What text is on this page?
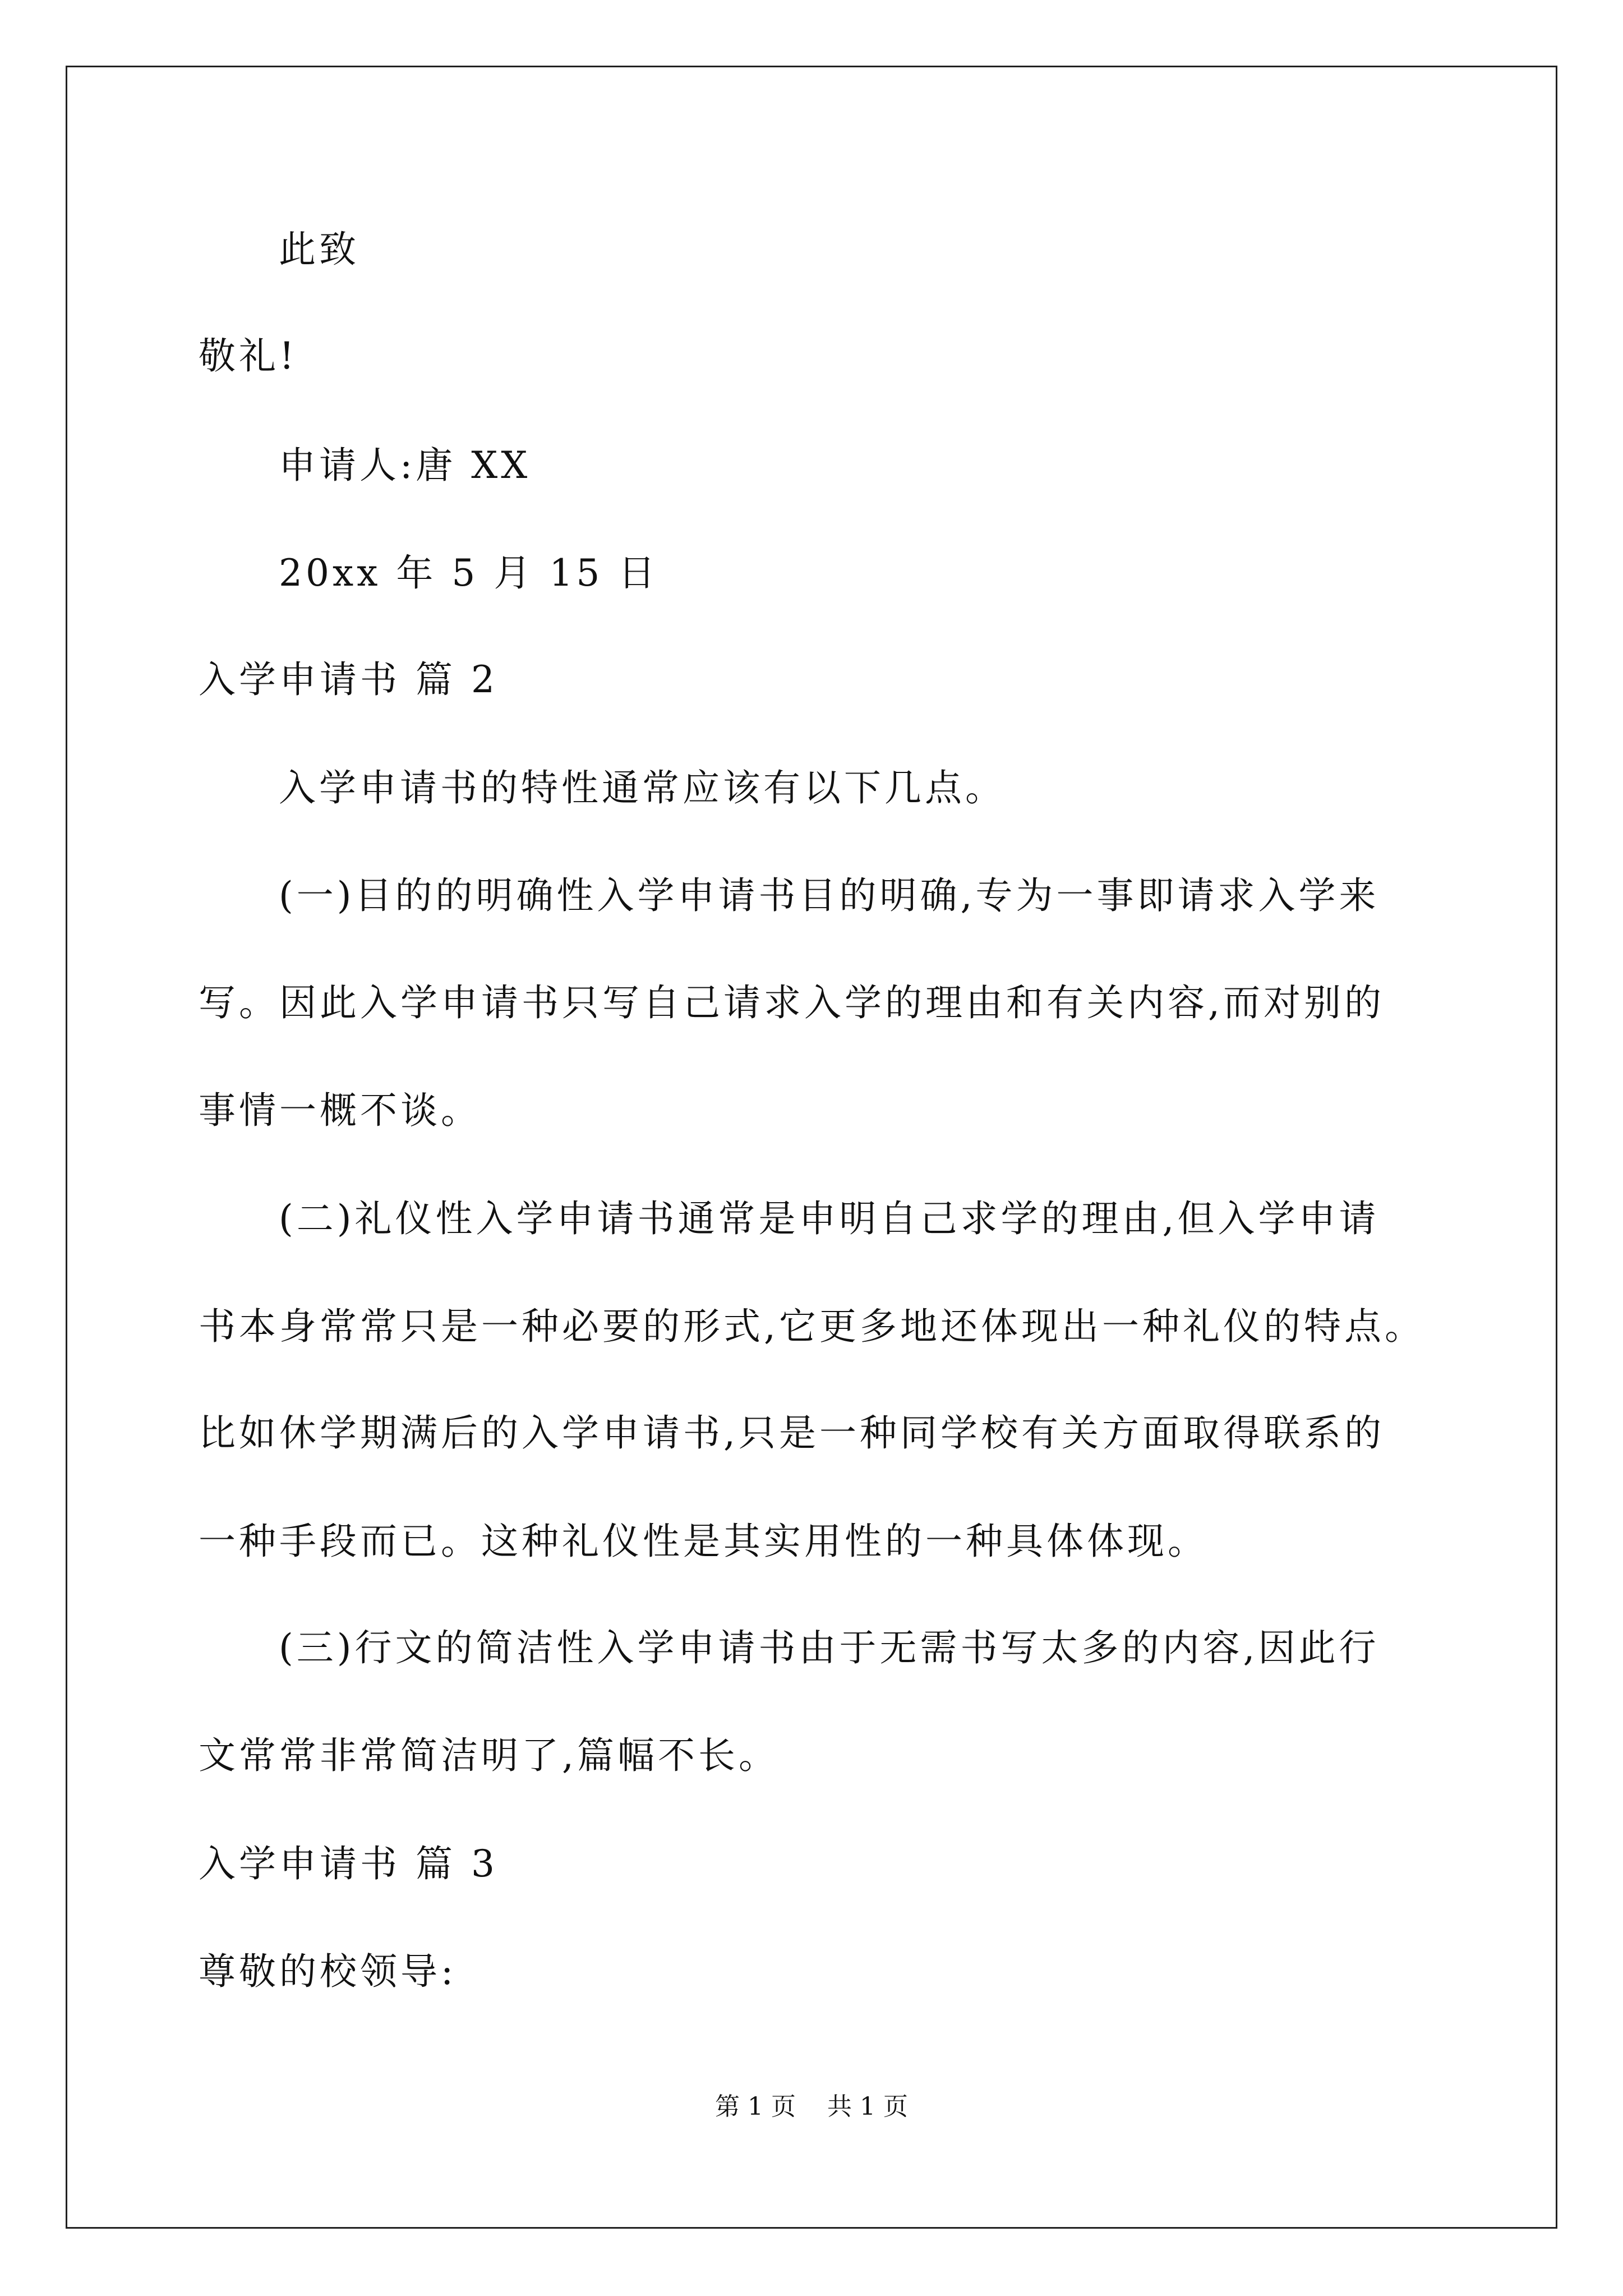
此致
敬礼!
申请人:唐 XX
20xx 年 5 月 15 日
入学申请书 篇 2
入学申请书的特性通常应该有以下几点。
(一)目的的明确性入学申请书目的明确,专为一事即请求入学来
写。因此入学申请书只写自己请求入学的理由和有关内容,而对别的
事情一概不谈。
(二)礼仪性入学申请书通常是申明自己求学的理由,但入学申请
书本身常常只是一种必要的形式,它更多地还体现出一种礼仪的特点。
比如休学期满后的入学申请书,只是一种同学校有关方面取得联系的
一种手段而已。这种礼仪性是其实用性的一种具体体现。
(三)行文的简洁性入学申请书由于无需书写太多的内容,因此行
文常常非常简洁明了,篇幅不长。
入学申请书 篇 3
尊敬的校领导:
第 1 页 共 1 页
